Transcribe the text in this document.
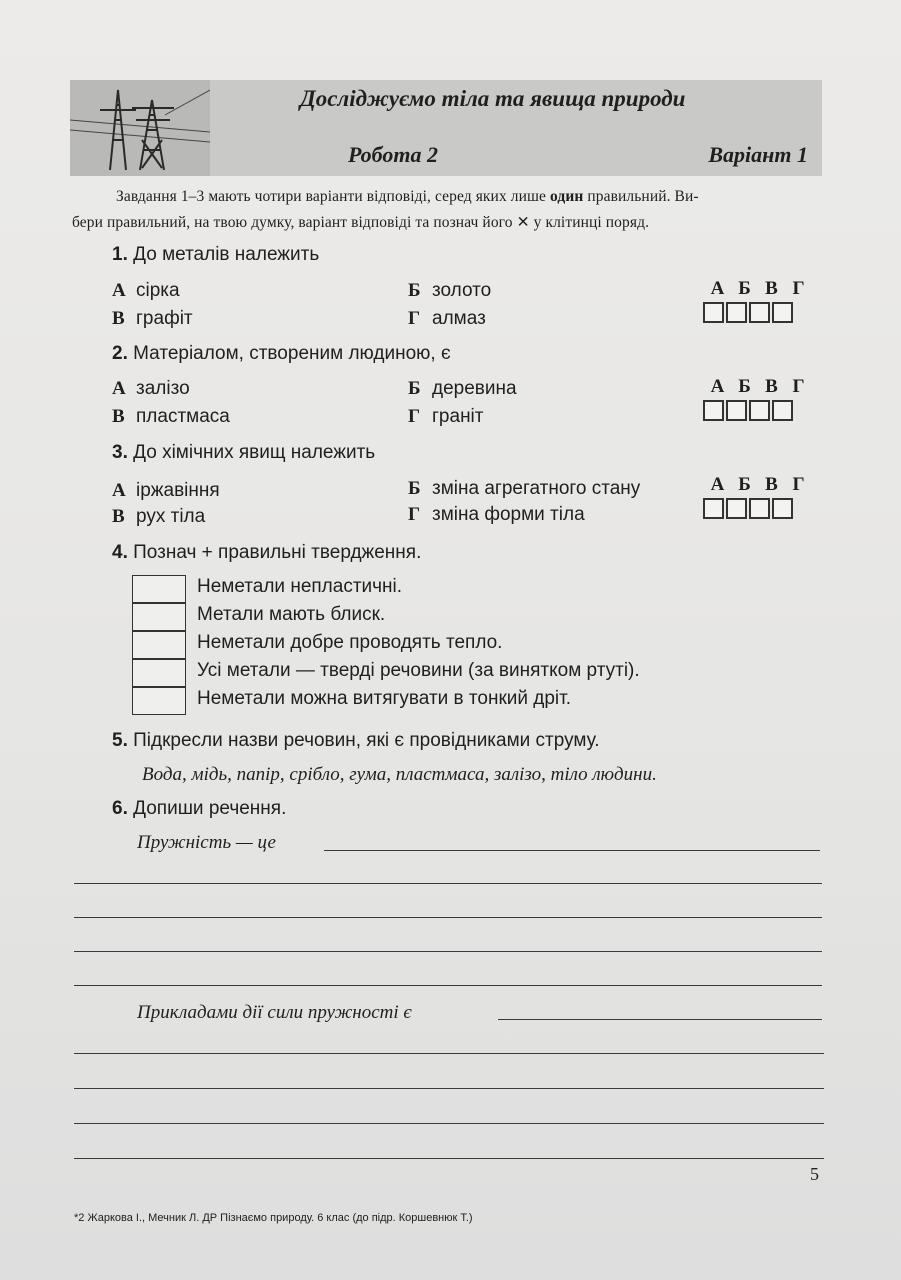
Досліджуємо тіла та явища природи
Робота 2	Варіант 1
Завдання 1–3 мають чотири варіанти відповіді, серед яких лише один правильний. Ви-
бери правильний, на твою думку, варіант відповіді та познач його ✕ у клітинці поряд.
1. До металів належить
А сірка	Б золото
В графіт	Г алмаз
А Б В Г
2. Матеріалом, створеним людиною, є
А залізо	Б деревина
В пластмаса	Г граніт
А Б В Г
3. До хімічних явищ належить
А іржавіння	Б зміна агрегатного стану
В рух тіла	Г зміна форми тіла
А Б В Г
4. Познач + правильні твердження.
Неметали непластичні.
Метали мають блиск.
Неметали добре проводять тепло.
Усі метали — тверді речовини (за винятком ртуті).
Неметали можна витягувати в тонкий дріт.
5. Підкресли назви речовин, які є провідниками струму.
Вода, мідь, папір, срібло, гума, пластмаса, залізо, тіло людини.
6. Допиши речення.
Пружність — це
Прикладами дії сили пружності є
5
*2 Жаркова І., Мечник Л. ДР Пізнаємо природу. 6 клас (до підр. Коршевнюк Т.)
